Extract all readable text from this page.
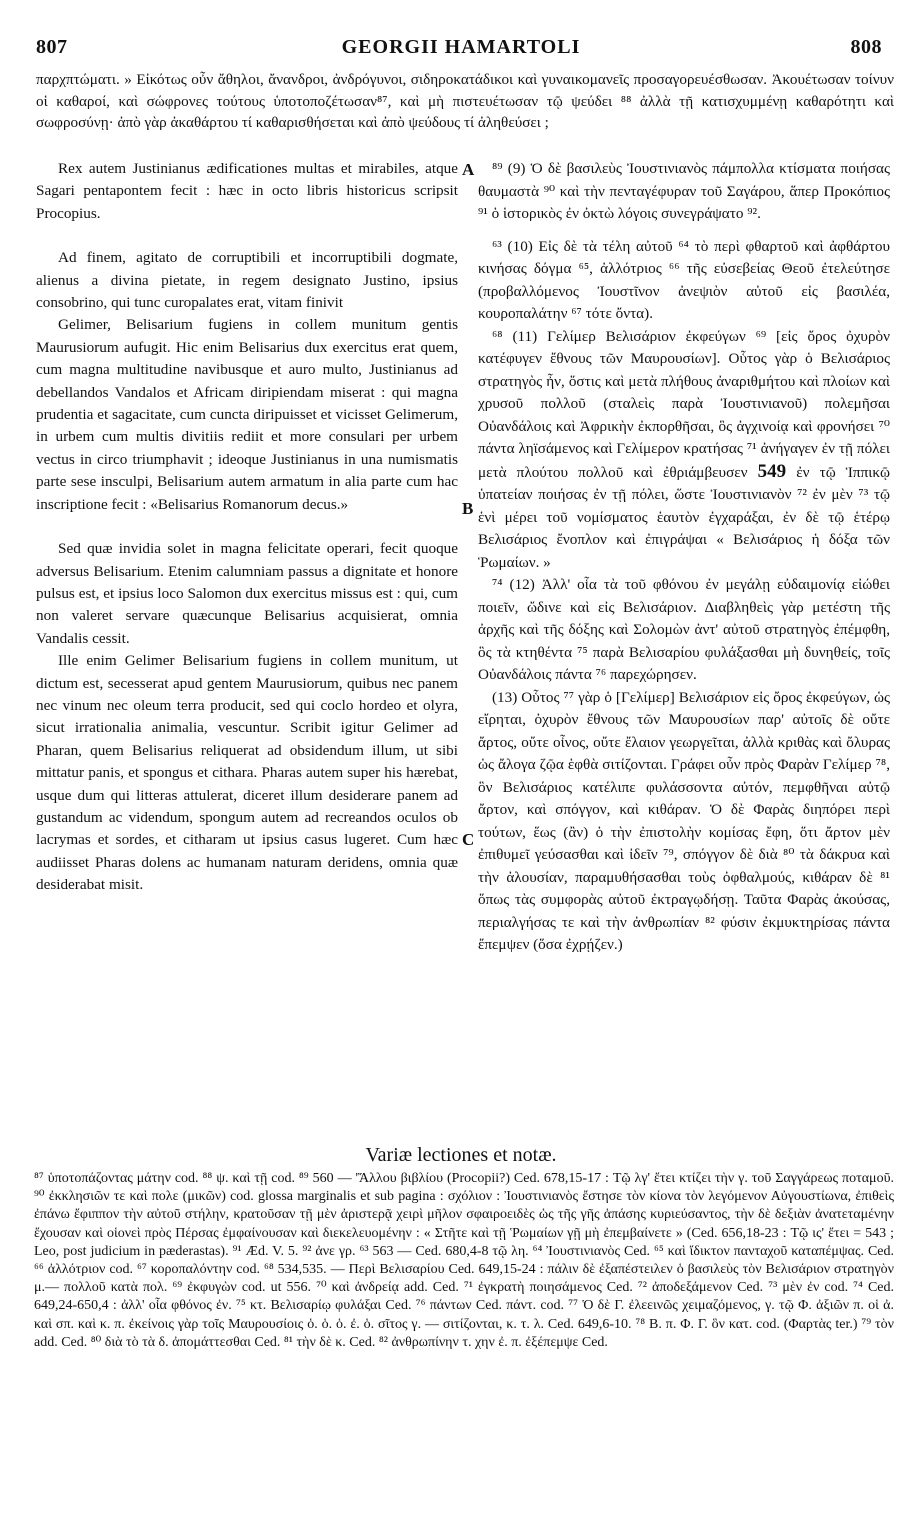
807	GEORGII HAMARTOLI	808

παρχπτώματι. » Εἰκότως οὖν ἄθηλοι, ἄνανδροι, ἀνδρόγυνοι, σιδηροκατάδικοι καὶ γυναικομανεῖς προσαγορευέσθωσαν. Ἀκουέτωσαν τοίνυν οἱ καθαροί, καὶ σώφρονες τούτους ὑποτοποζέτωσαν⁸⁷, καὶ μὴ πιστευέτωσαν τῷ ψεύδει ⁸⁸ ἀλλὰ τῇ κατισχυμμένῃ καθαρότητι καὶ σωφροσύνῃ· ἀπὸ γὰρ ἀκαθάρτου τί καθαρισθήσεται καὶ ἀπὸ ψεύδους τί ἀληθεύσει ;

A
B
C

Rex autem Justinianus ædificationes multas et mirabiles, atque Sagari pentapontem fecit : hæc in octo libris historicus scripsit Procopius.

Ad finem, agitato de corruptibili et incorruptibili dogmate, alienus a divina pietate, in regem designato Justino, ipsius consobrino, qui tunc curopalates erat, vitam finivit

Gelimer, Belisarium fugiens in collem munitum gentis Maurusiorum aufugit. Hic enim Belisarius dux exercitus erat quem, cum magna multitudine navibusque et auro multo, Justinianus ad debellandos Vandalos et Africam diripiendam miserat : qui magna prudentia et sagacitate, cum cuncta diripuisset et vicisset Gelimerum, in urbem cum multis divitiis rediit et more consulari per urbem vectus in circo triumphavit ; ideoque Justinianus in una numismatis parte sese insculpi, Belisarium autem armatum in alia parte cum hac inscriptione fecit : «Belisarius Romanorum decus.»

Sed quæ invidia solet in magna felicitate operari, fecit quoque adversus Belisarium. Etenim calumniam passus a dignitate et honore pulsus est, et ipsius loco Salomon dux exercitus missus est : qui, cum non valeret servare quæcunque Belisarius acquisierat, omnia Vandalis cessit.

Ille enim Gelimer Belisarium fugiens in collem munitum, ut dictum est, secesserat apud gentem Maurusiorum, quibus nec panem nec vinum nec oleum terra producit, sed qui coclo hordeo et olyra, sicut irrationalia animalia, vescuntur. Scribit igitur Gelimer ad Pharan, quem Belisarius reliquerat ad obsidendum illum, ut sibi mittatur panis, et spongus et cithara. Pharas autem super his hærebat, usque dum qui litteras attulerat, diceret illum desiderare panem ad gustandum ac videndum, spongum autem ad recreandos oculos ob lacrymas et sordes, et citharam ut ipsius casus lugeret. Cum hæc audiisset Pharas dolens ac humanam naturam deridens, omnia quæ desiderabat misit.

⁸⁹ (9) Ὁ δὲ βασιλεὺς Ἰουστινιανὸς πάμπολλα κτίσματα ποιήσας θαυμαστὰ ⁹⁰ καὶ τὴν πενταγέφυραν τοῦ Σαγάρου, ἅπερ Προκόπιος ⁹¹ ὁ ἱστορικὸς ἐν ὀκτὼ λόγοις συνεγράψατο ⁹².

⁶³ (10) Εἰς δὲ τὰ τέλη αὐτοῦ ⁶⁴ τὸ περὶ φθαρτοῦ καὶ ἀφθάρτου κινήσας δόγμα ⁶⁵, ἀλλότριος ⁶⁶ τῆς εὐσεβείας Θεοῦ ἐτελεύτησε (προβαλλόμενος Ἰουστῖνον ἀνεψιὸν αὐτοῦ εἰς βασιλέα, κουροπαλάτην ⁶⁷ τότε ὄντα).

⁶⁸ (11) Γελίμερ Βελισάριον ἐκφεύγων ⁶⁹ [εἰς ὄρος ὀχυρὸν κατέφυγεν ἔθνους τῶν Μαυρουσίων]. Οὗτος γὰρ ὁ Βελισάριος στρατηγὸς ἦν, ὅστις καὶ μετὰ πλήθους ἀναριθμήτου καὶ πλοίων καὶ χρυσοῦ πολλοῦ (σταλεὶς παρὰ Ἰουστινιανοῦ) πολεμῆσαι Οὐανδάλοις καὶ Ἀφρικὴν ἐκπορθῆσαι, ὃς ἀγχινοίᾳ καὶ φρονήσει ⁷⁰ πάντα ληϊσάμενος καὶ Γελίμερον κρατήσας ⁷¹ ἀνήγαγεν ἐν τῇ πόλει μετὰ πλούτου πολλοῦ καὶ ἐθριάμβευσεν 549 ἐν τῷ Ἱππικῷ ὑπατείαν ποιήσας ἐν τῇ πόλει, ὥστε Ἰουστινιανὸν ⁷² ἐν μὲν ⁷³ τῷ ἑνὶ μέρει τοῦ νομίσματος ἑαυτὸν ἐγχαράξαι, ἐν δὲ τῷ ἑτέρῳ Βελισάριος ἔνοπλον καὶ ἐπιγράψαι « Βελισάριος ἡ δόξα τῶν Ῥωμαίων. »

⁷⁴ (12) Ἀλλ' οἷα τὰ τοῦ φθόνου ἐν μεγάλῃ εὐδαιμονίᾳ εἰώθει ποιεῖν, ὤδινε καὶ εἰς Βελισάριον. Διαβληθεὶς γὰρ μετέστη τῆς ἀρχῆς καὶ τῆς δόξης καὶ Σολομὼν ἀντ' αὐτοῦ στρατηγὸς ἐπέμφθη, ὃς τὰ κτηθέντα ⁷⁵ παρὰ Βελισαρίου φυλάξασθαι μὴ δυνηθείς, τοῖς Οὐανδάλοις πάντα ⁷⁶ παρεχώρησεν.

(13) Οὗτος ⁷⁷ γὰρ ὁ [Γελίμερ] Βελισάριον εἰς ὄρος ἐκφεύγων, ὡς εἴρηται, ὀχυρὸν ἔθνους τῶν Μαυρουσίων παρ' αὐτοῖς δὲ οὔτε ἄρτος, οὔτε οἶνος, οὔτε ἔλαιον γεωργεῖται, ἀλλὰ κριθὰς καὶ ὄλυρας ὡς ἄλογα ζῷα ἑφθὰ σιτίζονται. Γράφει οὖν πρὸς Φαρὰν Γελίμερ ⁷⁸, ὃν Βελισάριος κατέλιπε φυλάσσοντα αὐτόν, πεμφθῆναι αὐτῷ ἄρτον, καὶ σπόγγον, καὶ κιθάραν. Ὁ δὲ Φαρὰς διηπόρει περὶ τούτων, ἕως (ἂν) ὁ τὴν ἐπιστολὴν κομίσας ἔφη, ὅτι ἄρτον μὲν ἐπιθυμεῖ γεύσασθαι καὶ ἰδεῖν ⁷⁹, σπόγγον δὲ διὰ ⁸⁰ τὰ δάκρυα καὶ τὴν ἀλουσίαν, παραμυθήσασθαι τοὺς ὀφθαλμούς, κιθάραν δὲ ⁸¹ ὅπως τὰς συμφορὰς αὐτοῦ ἐκτραγῳδήσῃ. Ταῦτα Φαρὰς ἀκούσας, περιαλγήσας τε καὶ τὴν ἀνθρωπίαν ⁸² φύσιν ἐκμυκτηρίσας πάντα ἔπεμψεν (ὅσα ἐχρῄζεν.)

Variæ lectiones et notæ.

⁸⁷ ὑποτοπάζοντας μάτην cod. ⁸⁸ ψ. καὶ τῇ cod. ⁸⁹ 560 — 'Ἄλλου βιβλίου (Procopii?) Ced. 678,15-17 : Τῷ λγ' ἔτει κτίζει τὴν γ. τοῦ Σαγγάρεως ποταμοῦ. ⁹⁰ ἐκκλησιῶν τε καὶ πολε (μικῶν) cod. glossa marginalis et sub pagina : σχόλιον : Ἰουστινιανὸς ἔστησε τὸν κίονα τὸν λεγόμενον Αὐγουστίωνα, ἐπιθεὶς ἐπάνω ἔφιππον τὴν αὐτοῦ στήλην, κρατοῦσαν τῇ μὲν ἀριστερᾷ χειρὶ μῆλον σφαιροειδὲς ὡς τῆς γῆς ἁπάσης κυριεύσαντος, τὴν δὲ δεξιὰν ἀνατεταμένην ἔχουσαν καὶ οἱονεὶ πρὸς Πέρσας ἐμφαίνουσαν καὶ διεκελευομένην : « Στῆτε καὶ τῇ Ῥωμαίων γῇ μὴ ἐπεμβαίνετε » (Ced. 656,18-23 : Τῷ ις' ἔτει = 543 ; Leo, post judicium in pæderastas). ⁹¹ Æd. V. 5. ⁹² ἀνε γρ. ⁶³ 563 — Ced. 680,4-8 τῷ λη. ⁶⁴ Ἰουστινιανὸς Ced. ⁶⁵ καὶ ἴδικτον πανταχοῦ καταπέμψας. Ced. ⁶⁶ ἀλλότριον cod. ⁶⁷ κοροπαλόντην cod. ⁶⁸ 534,535. — Περὶ Βελισαρίου Ced. 649,15-24 : πάλιν δὲ ἐξαπέστειλεν ὁ βασιλεὺς τὸν Βελισάριον στρατηγὸν μ.— πολλοῦ κατὰ πολ. ⁶⁹ ἐκφυγὼν cod. ut 556. ⁷⁰ καὶ ἀνδρείᾳ add. Ced. ⁷¹ ἐγκρατὴ ποιησάμενος Ced. ⁷² ἀποδεξάμενον Ced. ⁷³ μὲν ἐν cod. ⁷⁴ Ced. 649,24-650,4 : ἀλλ' οἷα φθόνος ἐν. ⁷⁵ κτ. Βελισαρίῳ φυλάξαι Ced. ⁷⁶ πάντων Ced. πάντ. cod. ⁷⁷ Ὁ δὲ Γ. ἐλεεινῶς χειμαζόμενος, γ. τῷ Φ. ἀξιῶν π. οἱ ἀ. καὶ σπ. καὶ κ. π. ἐκείνοις γὰρ τοῖς Μαυρουσίοις ὁ. ὁ. ὁ. ἐ. ὁ. σῖτος γ. — σιτίζονται, κ. τ. λ. Ced. 649,6-10. ⁷⁸ Β. π. Φ. Γ. ὃν κατ. cod. (Φαρτὰς ter.) ⁷⁹ τὸν add. Ced. ⁸⁰ διὰ τὸ τὰ δ. ἀπομάττεσθαι Ced. ⁸¹ τὴν δὲ κ. Ced. ⁸² ἀνθρωπίνην τ. χην ἐ. π. ἐξέπεμψε Ced.
